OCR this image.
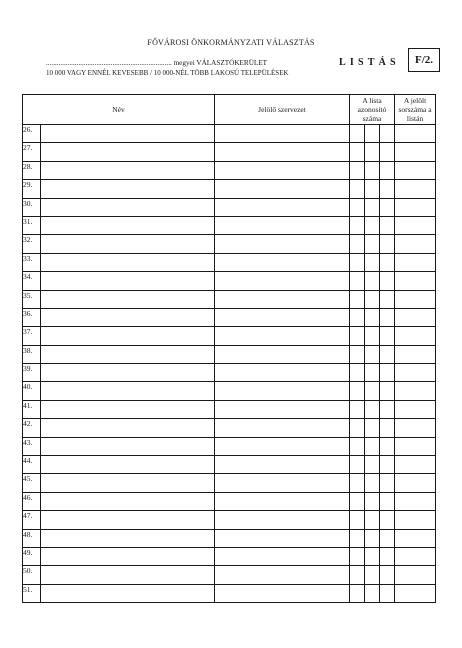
FŐVÁROSI ÖNKORMÁNYZATI VÁLASZTÁS
...................................................................... megyei VÁLASZTÓKERÜLET
10 000 VAGY ENNÉL KEVESEBB / 10 000-NÉL TÖBB LAKOSÚ TELEPÜLÉSEK
LISTÁS	F/2.
Név		Jelölő szervezet	A lista azonosító száma			A jelölt sorszáma a listán
26.						
27.						
28.						
29.						
30.						
31.						
32.						
33.						
34.						
35.						
36.						
37.						
38.						
39.						
40.						
41.						
42.						
43.						
44.						
45.						
46.						
47.						
48.						
49.						
50.						
51.						
